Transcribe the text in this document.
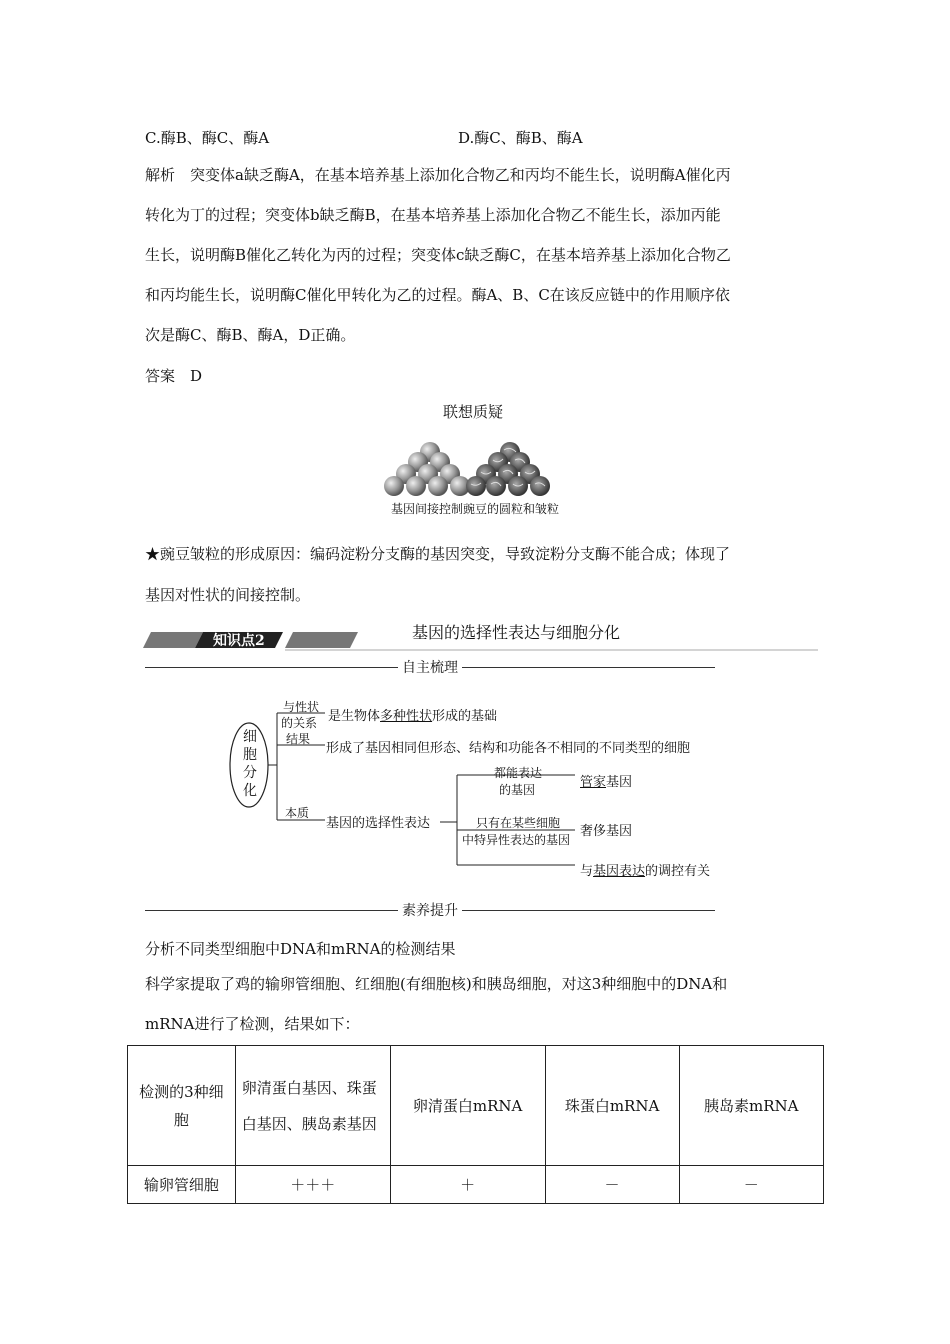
C.酶B、酶C、酶A	D.酶C、酶B、酶A
解析　突变体a缺乏酶A，在基本培养基上添加化合物乙和丙均不能生长，说明酶A催化丙
转化为丁的过程；突变体b缺乏酶B，在基本培养基上添加化合物乙不能生长，添加丙能
生长，说明酶B催化乙转化为丙的过程；突变体c缺乏酶C，在基本培养基上添加化合物乙
和丙均能生长，说明酶C催化甲转化为乙的过程。酶A、B、C在该反应链中的作用顺序依
次是酶C、酶B、酶A，D正确。
答案　D
联想质疑
基因间接控制豌豆的圆粒和皱粒
★豌豆皱粒的形成原因：编码淀粉分支酶的基因突变，导致淀粉分支酶不能合成；体现了
基因对性状的间接控制。
知识点2	基因的选择性表达与细胞分化
自主梳理
细
胞
分
化
与性状
的关系 是生物体多种性状形成的基础
结果
形成了基因相同但形态、结构和功能各不相同的不同类型的细胞
本质
基因的选择性表达
都能表达
的基因	管家基因
只有在某些细胞
中特异性表达的基因
奢侈基因
与基因表达的调控有关
素养提升
分析不同类型细胞中DNA和mRNA的检测结果
科学家提取了鸡的输卵管细胞、红细胞(有细胞核)和胰岛细胞，对这3种细胞中的DNA和
mRNA进行了检测，结果如下：
检测的3种细胞	卵清蛋白基因、珠蛋白基因、胰岛素基因	卵清蛋白mRNA	珠蛋白mRNA	胰岛素mRNA
输卵管细胞	＋＋＋	＋	－	－
